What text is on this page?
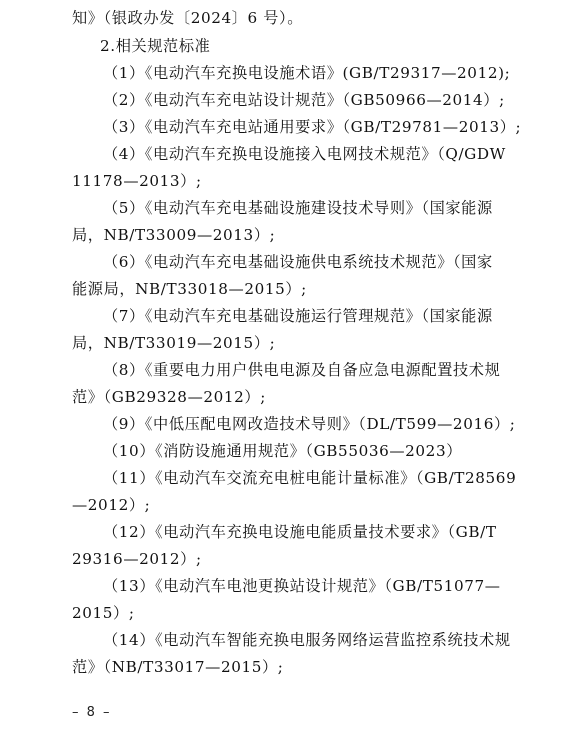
知》（银政办发〔2024〕6 号）。
2.相关规范标准
（1）《电动汽车充换电设施术语》(GB/T29317—2012);
（2）《电动汽车充电站设计规范》（GB50966—2014）;
（3）《电动汽车充电站通用要求》（GB/T29781—2013）;
（4）《电动汽车充换电设施接入电网技术规范》（Q/GDW
11178—2013）;
（5）《电动汽车充电基础设施建设技术导则》（国家能源
局，NB/T33009—2013）;
（6）《电动汽车充电基础设施供电系统技术规范》（国家
能源局，NB/T33018—2015）;
（7）《电动汽车充电基础设施运行管理规范》（国家能源
局，NB/T33019—2015）;
（8）《重要电力用户供电电源及自备应急电源配置技术规
范》（GB29328—2012）;
（9）《中低压配电网改造技术导则》（DL/T599—2016）;
（10）《消防设施通用规范》（GB55036—2023）
（11）《电动汽车交流充电桩电能计量标准》（GB/T28569
—2012）;
（12）《电动汽车充换电设施电能质量技术要求》（GB/T
29316—2012）;
（13）《电动汽车电池更换站设计规范》（GB/T51077—
2015）;
（14）《电动汽车智能充换电服务网络运营监控系统技术规
范》（NB/T33017—2015）;
– 8 –
